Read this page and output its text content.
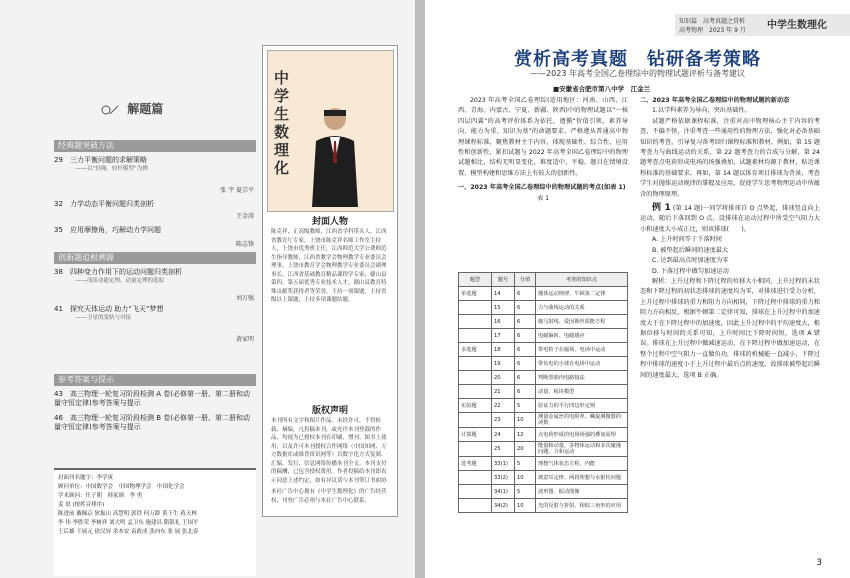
解题篇
经典题突破方法
29 三力平衡问题的求解策略
——以“轻绳、轻杆模型”为例
张 宇 夏宗平
32 力学动态平衡问题归类剖析
王金涛
35 应用摩擦角，巧解动力学问题
陈志锋
创新题追根溯源
38 四种变力作用下的运动问题归类剖析
——浅谈动能定理、动量定理的选取
刘万强
41 探究天体运动 助力“飞天”梦想
——卫星的变轨与对接
黄家明
参考答案与提示
43 高三物理一轮复习阶段检测 A 卷(必修第一册、第二册和动量守恒定律)参考答案与提示
46 高三物理一轮复习阶段检测 B 卷(必修第一册、第二册和动量守恒定律)参考答案与提示
封面刊名题字：李学庚
顾问单位：中国数学会　中国物理学会　中国化学会
学术顾问：任子朝　韩家勋　李 勇
姜 晨 (按姓音排序)
陈进前 戴佩京 狄振山 高慧明 郭铁 何万龄 黄干生 蒋天林
李 伟 李胜荣 李树祥 刘大鸣 孟卫东 施建昌 隋银礼 王国平
王后雄 王展元 徐汉屏 余本安 袁政成 张向东 张 展 张北春
中学生数理化
封面人物
陈克祥，正高级教师，江西省学科带头人，江西省教育厅专家，上饶市陈克祥名师工作室主持人，上饶市优秀班主任，江西师范大学公费师范生指导教师，江西省教学会物理教学专业委员会理事，上饶市教育学会物理教学专业委员会副理事长，江西省基础教育精品课程学专家，赣山县第四，第五届优秀专业技术人才，赣山县教育特殊贡献奖获得者等荣誉，主持一项课题，主持省级以上课题，主持多项课题结题。
版权声明
本刊所有文字和图片作品，未经许可，不得转载、摘编。凡投稿本刊，或允许本刊登载的作品，均视为已授权本刊在印刷、增刊、图书上使用，以及许可本刊授权合作网络（中国知网、万方数据库或维普资讯网等）以数字化方式复制、汇编、发行、信息网络传播本刊全文。本刊支付的稿酬，已包含授权费用。作者投稿给本刊即表示同意上述约定，如有异议请与本刊签订书面协
本社广告中心拥有《中学生数理化》的广告经营权，刊登广告必须与本社广告中心联系。
知识篇　高考真题之赏析
高考物理　2023 年 9 月 中学生数理化
赏析高考真题　钻研备考策略
——2023 年高考全国乙卷理综中的物理试题评析与备考建议
■安徽省合肥市第八中学　江金兰

2023 年高考全国乙卷理综(适用地区：河南、山西、江西、青海、内蒙古、宁夏、新疆、陕西)中的物理试题以“一核四层四翼”的高考评价体系为依托，遵循“价值引领、素养导向、能力为重、知识为基”的命题要求，严格遵从普通高中物理课程标准，聚焦教材主干内容，体现基础性、综合性、应用性和创新性，紧扣试题与 2022 年高考全国乙卷理综中的物理试题相比，结构无明显变化，难度适中，平稳，题目在情境设置、模型构建和思维方法上有较大的创新性。

一、2023 年高考全国乙卷理综中的物理试题的考点(如表 1)

表 1

题型	题号	分值	考查的知识点
单选题	14	6	抛体运动规律、牛顿第二定律
	15	6	力与曲线运动的关系
	16	6	伽马射线、爱因斯坦质能方程
	17	6	电磁偏转、电磁感应
多选题	18	6	带电粒子在磁场、电场中运动
	19	6	带负电的小球在电场中运动
	20	6	判断黑箱内电路接法
	21	6	动量、板块模型
实验题	22	5	验证力的平行四边形定则
	23	10	测量金属丝的电阻率、螺旋测微器的读数
计算题	24	12	点电荷形成的电场场强的叠加原理
	25	20	能量和动量，多物体运动和多次碰撞问题，力和运动
选考题	33(1)	5	理想气体状态方程、内能
	33(2)	10	玻意耳定律、两段理想与水银柱问题
	34(1)	5	波形图、振动图像
	34(2)	10	光的反射与折射、相似三角形的应用

二、2023 年高考全国乙卷理综中的物理试题的新动态

1.以学科素养为导向，突出基础性。

试题严格依据课程标准，注重对高中物理核心主干内容的考查，不偏不怪，注重考查一些通用性的物理方法，强化对必备基础知识的考查，引导复习备考回归课程标准和教材。例如，第 15 题考查力与曲线运动的关系，第 22 题考查力的合成与分解，第 24 题考查点电荷形成电场的场强叠加，试题素材均源于教材，贴近课程标准的基础要求。再如，第 14 题以体育项目排球为背景，考查学生对抛体运动规律的掌握及应用，促使学生思考物理运动中所蕴含的物理原理。

例 1 (第 14 题)一同学将排球自 O 点垫起，排球竖直向上运动，随后下落回到 O 点。设排球在运动过程中所受空气阻力大小和速度大小成正比，则该排球(　　)。

A. 上升时间等于下落时间

B. 被垫起后瞬间的速度最大

C. 达到最高点时加速度为零

D. 下落过程中做匀加速运动

解析：上升过程和下降过程的位移大小相同，上升过程的末状态和下降过程的初状态排球的速度均为零，对排球进行受力分析，上升过程中排球的重力和阻力方向相同，下降过程中排球的重力和阻力方向相反，根据牛顿第二定律可知，排球在上升过程中的加速度大于在下降过程中的加速度，因此上升过程中的平均速度大，根据位移与时间的关系可知，上升时间比下降时间短，选项 A 错误。排球在上升过程中做减速运动，在下降过程中做加速运动，在整个过程中空气阻力一直做负功，排球的机械能一直减小，下降过程中排球的速度小于上升过程中最后点的速度，故排球被垫起后瞬间的速度最大，选项 B 正确。

3
